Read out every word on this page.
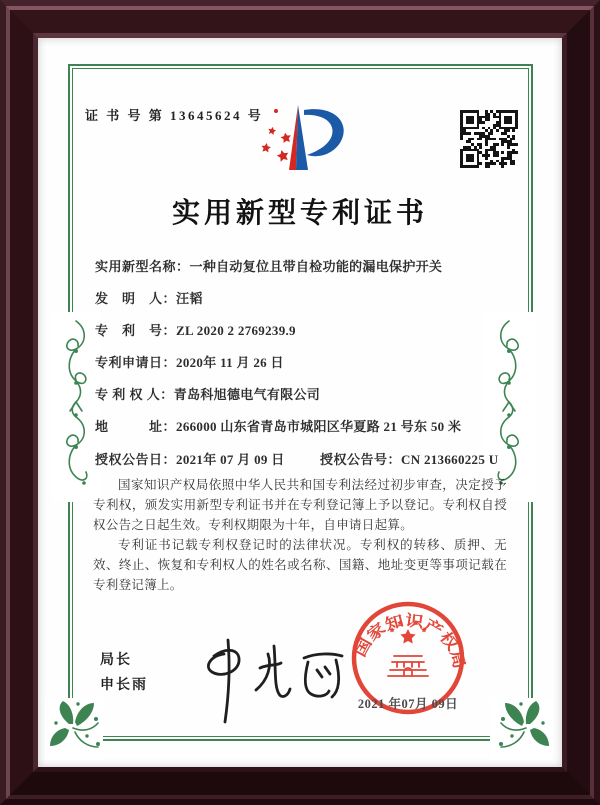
证 书 号 第 13645624 号
实用新型专利证书
实用新型名称：一种自动复位且带自检功能的漏电保护开关
发　明　人：汪韬
专　利　号：ZL 2020 2 2769239.9
专利申请日：2020年 11 月 26 日
专 利 权 人：青岛科旭德电气有限公司
地　　　址：266000 山东省青岛市城阳区华夏路 21 号东 50 米
授权公告日：2021年 07 月 09 日	授权公告号：CN 213660225 U

国家知识产权局依照中华人民共和国专利法经过初步审查，决定授予专利权，颁发实用新型专利证书并在专利登记簿上予以登记。专利权自授权公告之日起生效。专利权期限为十年，自申请日起算。

专利证书记载专利权登记时的法律状况。专利权的转移、质押、无效、终止、恢复和专利权人的姓名或名称、国籍、地址变更等事项记载在专利登记簿上。

局长
申长雨
国家知识产权局
2021 年07月 09日
